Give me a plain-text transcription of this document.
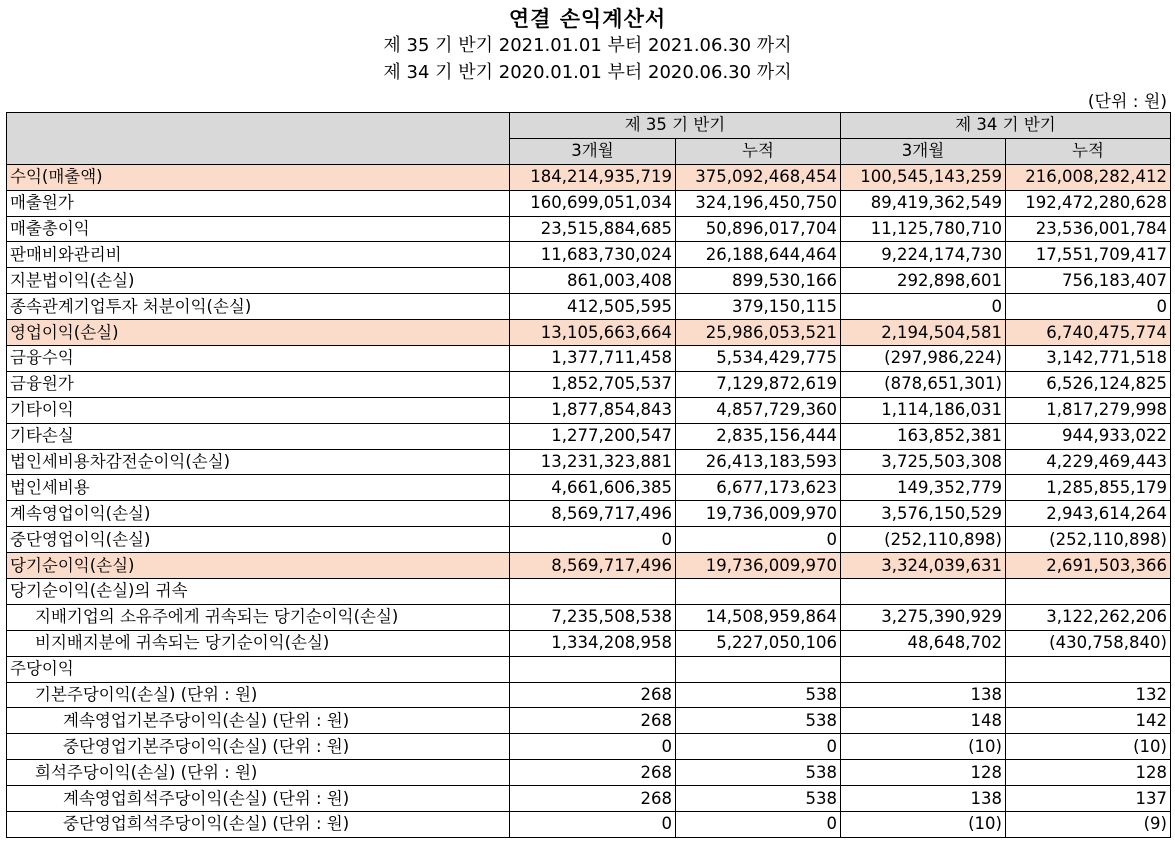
연결 손익계산서
제 35 기 반기 2021.01.01 부터 2021.06.30 까지
제 34 기 반기 2020.01.01 부터 2020.06.30 까지
(단위 : 원)
	제 35 기 반기		제 34 기 반기	
	3개월	누적	3개월	누적
수익(매출액)	184,214,935,719	375,092,468,454	100,545,143,259	216,008,282,412
매출원가	160,699,051,034	324,196,450,750	89,419,362,549	192,472,280,628
매출총이익	23,515,884,685	50,896,017,704	11,125,780,710	23,536,001,784
판매비와관리비	11,683,730,024	26,188,644,464	9,224,174,730	17,551,709,417
지분법이익(손실)	861,003,408	899,530,166	292,898,601	756,183,407
종속관계기업투자 처분이익(손실)	412,505,595	379,150,115	0	0
영업이익(손실)	13,105,663,664	25,986,053,521	2,194,504,581	6,740,475,774
금융수익	1,377,711,458	5,534,429,775	(297,986,224)	3,142,771,518
금융원가	1,852,705,537	7,129,872,619	(878,651,301)	6,526,124,825
기타이익	1,877,854,843	4,857,729,360	1,114,186,031	1,817,279,998
기타손실	1,277,200,547	2,835,156,444	163,852,381	944,933,022
법인세비용차감전순이익(손실)	13,231,323,881	26,413,183,593	3,725,503,308	4,229,469,443
법인세비용	4,661,606,385	6,677,173,623	149,352,779	1,285,855,179
계속영업이익(손실)	8,569,717,496	19,736,009,970	3,576,150,529	2,943,614,264
중단영업이익(손실)	0	0	(252,110,898)	(252,110,898)
당기순이익(손실)	8,569,717,496	19,736,009,970	3,324,039,631	2,691,503,366
당기순이익(손실)의 귀속				
지배기업의 소유주에게 귀속되는 당기순이익(손실)	7,235,508,538	14,508,959,864	3,275,390,929	3,122,262,206
비지배지분에 귀속되는 당기순이익(손실)	1,334,208,958	5,227,050,106	48,648,702	(430,758,840)
주당이익				
기본주당이익(손실) (단위 : 원)	268	538	138	132
계속영업기본주당이익(손실) (단위 : 원)	268	538	148	142
중단영업기본주당이익(손실) (단위 : 원)	0	0	(10)	(10)
희석주당이익(손실) (단위 : 원)	268	538	128	128
계속영업희석주당이익(손실) (단위 : 원)	268	538	138	137
중단영업희석주당이익(손실) (단위 : 원)	0	0	(10)	(9)
